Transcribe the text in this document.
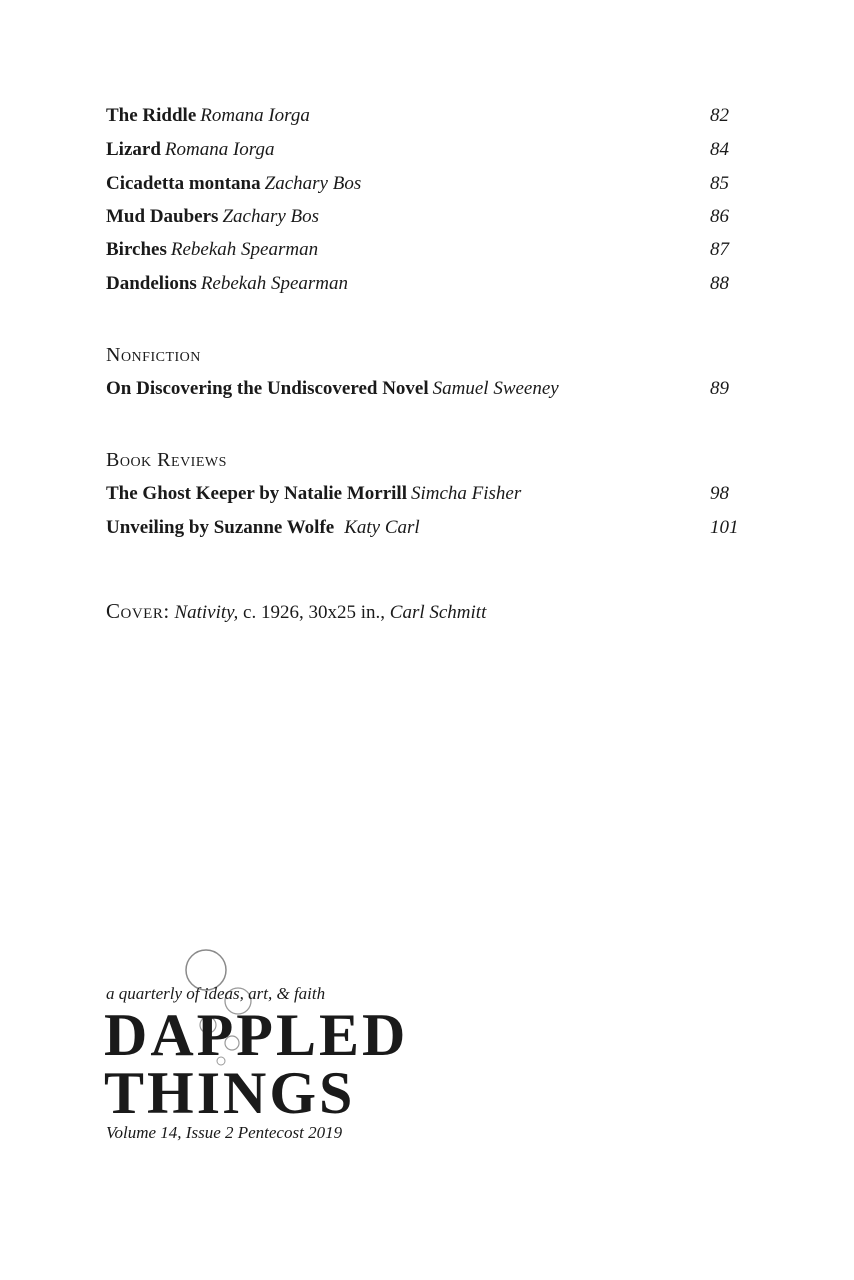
The Riddle Romana Iorga	82
Lizard Romana Iorga	84
Cicadetta montana Zachary Bos	85
Mud Daubers Zachary Bos	86
Birches Rebekah Spearman	87
Dandelions Rebekah Spearman	88
Nonfiction
On Discovering the Undiscovered Novel Samuel Sweeney	89
Book Reviews
The Ghost Keeper by Natalie Morrill Simcha Fisher	98
Unveiling by Suzanne Wolfe Katy Carl	101
Cover: Nativity, c. 1926, 30x25 in., Carl Schmitt
a quarterly of ideas, art, & faith
DAPPLED
THINGS
Volume 14, Issue 2 Pentecost 2019
